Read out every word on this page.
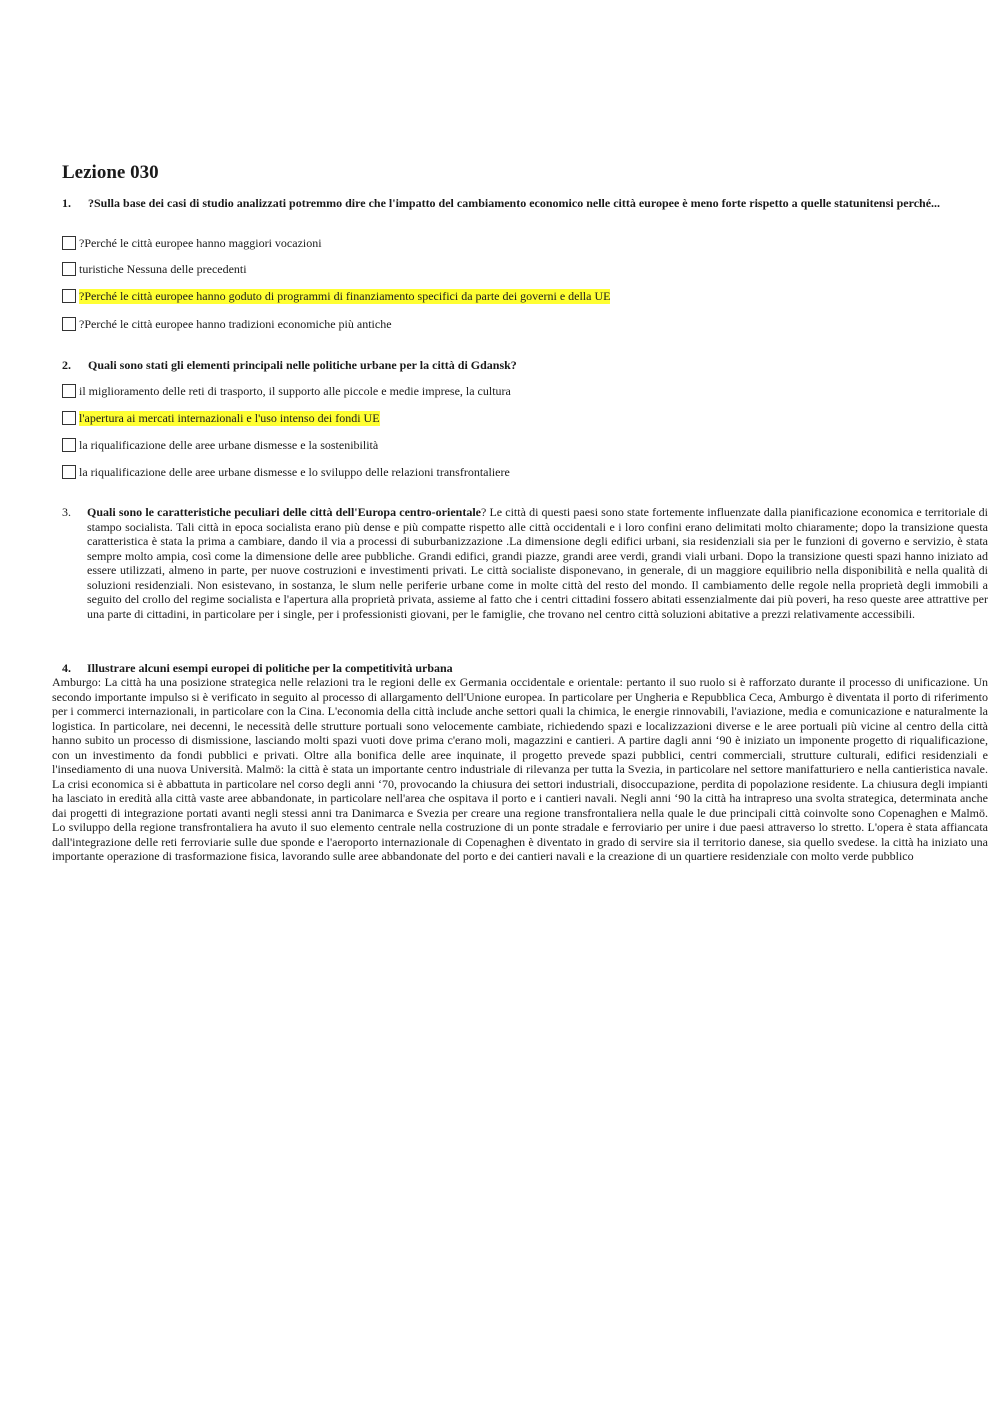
Lezione 030
1. ?Sulla base dei casi di studio analizzati potremmo dire che l'impatto del cambiamento economico nelle città europee è meno forte rispetto a quelle statunitensi perché...
?Perché le città europee hanno maggiori vocazioni
turistiche Nessuna delle precedenti
?Perché le città europee hanno goduto di programmi di finanziamento specifici da parte dei governi e della UE
?Perché le città europee hanno tradizioni economiche più antiche
2. Quali sono stati gli elementi principali nelle politiche urbane per la città di Gdansk?
il miglioramento delle reti di trasporto, il supporto alle piccole e medie imprese, la cultura
l'apertura ai mercati internazionali e l'uso intenso dei fondi UE
la riqualificazione delle aree urbane dismesse e la sostenibilità
la riqualificazione delle aree urbane dismesse e lo sviluppo delle relazioni transfrontaliere
3. Quali sono le caratteristiche peculiari delle città dell'Europa centro-orientale? Le città di questi paesi sono state fortemente influenzate dalla pianificazione economica e territoriale di stampo socialista. Tali città in epoca socialista erano più dense e più compatte rispetto alle città occidentali e i loro confini erano delimitati molto chiaramente; dopo la transizione questa caratteristica è stata la prima a cambiare, dando il via a processi di suburbanizzazione .La dimensione degli edifici urbani, sia residenziali sia per le funzioni di governo e servizio, è stata sempre molto ampia, così come la dimensione delle aree pubbliche. Grandi edifici, grandi piazze, grandi aree verdi, grandi viali urbani. Dopo la transizione questi spazi hanno iniziato ad essere utilizzati, almeno in parte, per nuove costruzioni e investimenti privati. Le città socialiste disponevano, in generale, di un maggiore equilibrio nella disponibilità e nella qualità di soluzioni residenziali. Non esistevano, in sostanza, le slum nelle periferie urbane come in molte città del resto del mondo. Il cambiamento delle regole nella proprietà degli immobili a seguito del crollo del regime socialista e l'apertura alla proprietà privata, assieme al fatto che i centri cittadini fossero abitati essenzialmente dai più poveri, ha reso queste aree attrattive per una parte di cittadini, in particolare per i single, per i professionisti giovani, per le famiglie, che trovano nel centro città soluzioni abitative a prezzi relativamente accessibili.
4. Illustrare alcuni esempi europei di politiche per la competitività urbana
Amburgo: La città ha una posizione strategica nelle relazioni tra le regioni delle ex Germania occidentale e orientale: pertanto il suo ruolo si è rafforzato durante il processo di unificazione. Un secondo importante impulso si è verificato in seguito al processo di allargamento dell'Unione europea. In particolare per Ungheria e Repubblica Ceca, Amburgo è diventata il porto di riferimento per i commerci internazionali, in particolare con la Cina. L'economia della città include anche settori quali la chimica, le energie rinnovabili, l'aviazione, media e comunicazione e naturalmente la logistica. In particolare, nei decenni, le necessità delle strutture portuali sono velocemente cambiate, richiedendo spazi e localizzazioni diverse e le aree portuali più vicine al centro della città hanno subito un processo di dismissione, lasciando molti spazi vuoti dove prima c'erano moli, magazzini e cantieri. A partire dagli anni ‘90 è iniziato un imponente progetto di riqualificazione, con un investimento da fondi pubblici e privati. Oltre alla bonifica delle aree inquinate, il progetto prevede spazi pubblici, centri commerciali, strutture culturali, edifici residenziali e l'insediamento di una nuova Università. Malmö: la città è stata un importante centro industriale di rilevanza per tutta la Svezia, in particolare nel settore manifatturiero e nella cantieristica navale. La crisi economica si è abbattuta in particolare nel corso degli anni ‘70, provocando la chiusura dei settori industriali, disoccupazione, perdita di popolazione residente. La chiusura degli impianti ha lasciato in eredità alla città vaste aree abbandonate, in particolare nell'area che ospitava il porto e i cantieri navali. Negli anni ‘90 la città ha intrapreso una svolta strategica, determinata anche dai progetti di integrazione portati avanti negli stessi anni tra Danimarca e Svezia per creare una regione transfrontaliera nella quale le due principali città coinvolte sono Copenaghen e Malmö. Lo sviluppo della regione transfrontaliera ha avuto il suo elemento centrale nella costruzione di un ponte stradale e ferroviario per unire i due paesi attraverso lo stretto. L'opera è stata affiancata dall'integrazione delle reti ferroviarie sulle due sponde e l'aeroporto internazionale di Copenaghen è diventato in grado di servire sia il territorio danese, sia quello svedese. la città ha iniziato una importante operazione di trasformazione fisica, lavorando sulle aree abbandonate del porto e dei cantieri navali e la creazione di un quartiere residenziale con molto verde pubblico
